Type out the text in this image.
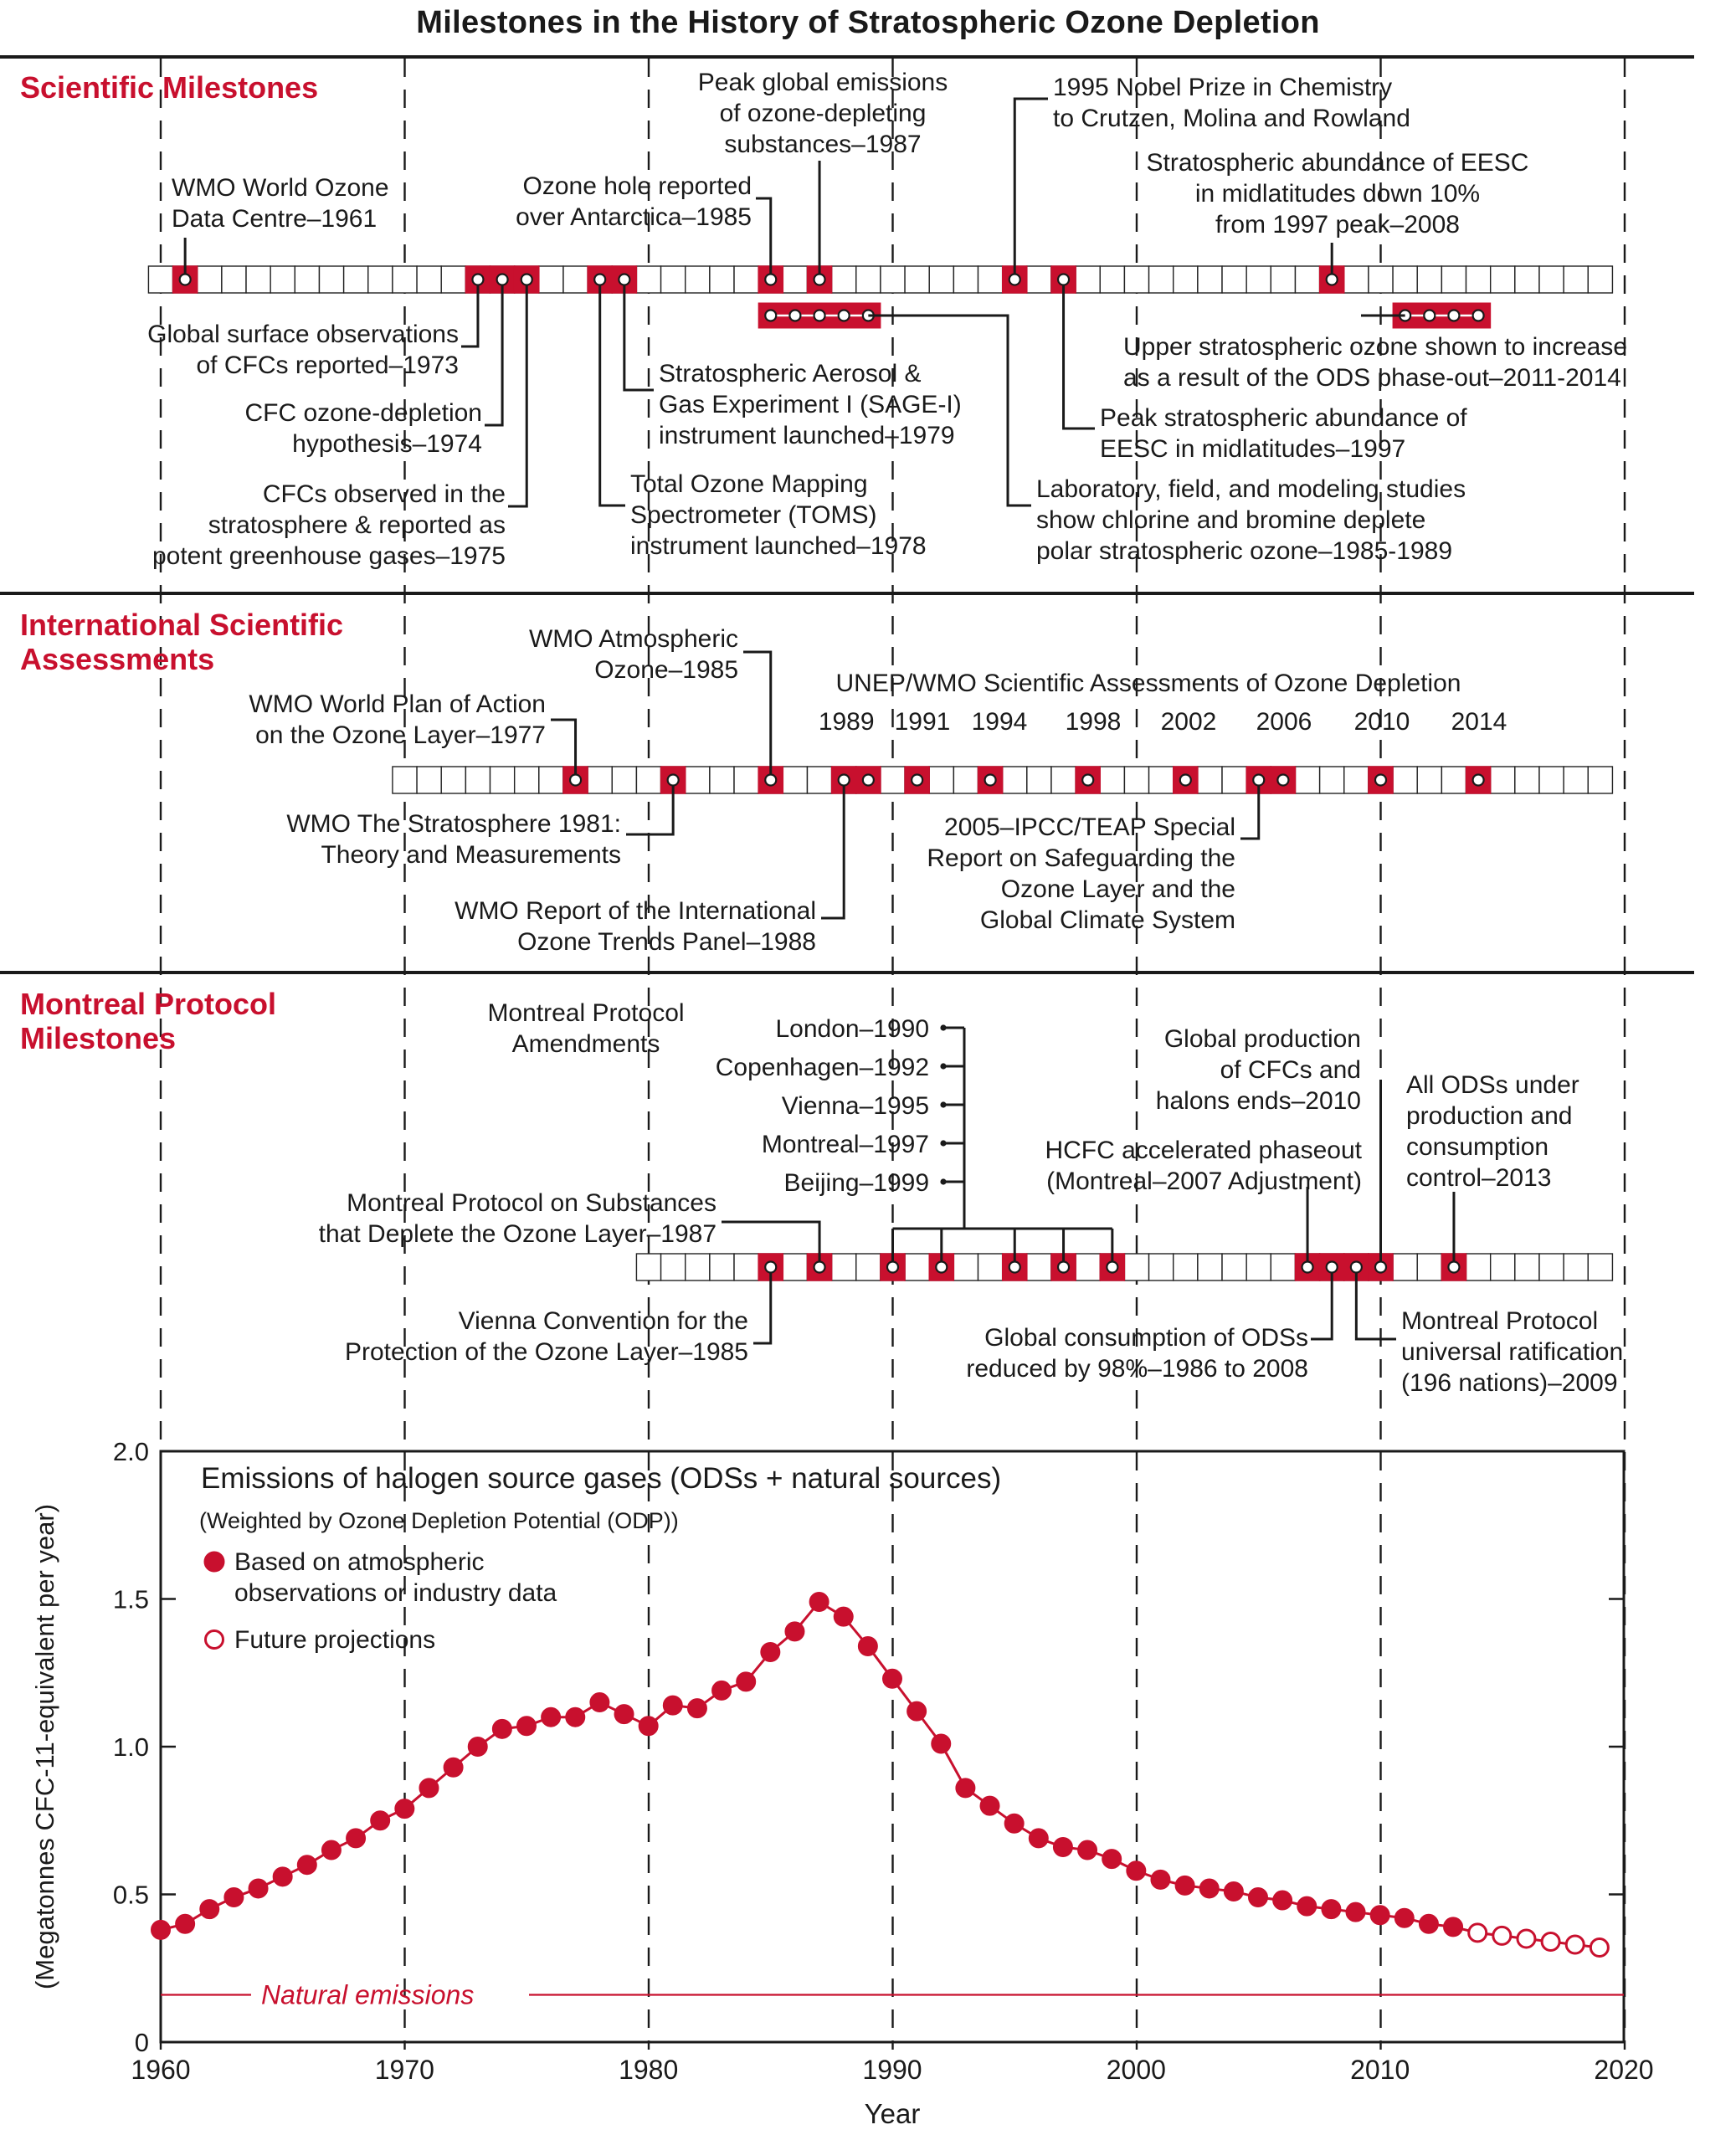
Milestones in the History of Stratospheric Ozone Depletion
UNEP/WMO Scientific Assessments of Ozone Depletion
1989 1991 1994 1998 2002 2006 2010 2014
London–1990
Copenhagen–1992
Vienna–1995
Montreal–1997
Beijing–1999
0
0.5
1.0
1.5
2.0
1960	1970	1980	1990	2000	2010	2020
Year
(Megatonnes CFC-11-equivalent per year)
Natural emissions
Emissions of halogen source gases (ODSs + natural sources)
(Weighted by Ozone Depletion Potential (ODP))
Scientific Milestones
WMO World Ozone
Data Centre–1961
Global surface observations
of CFCs reported–1973
CFC ozone-depletion
hypothesis–1974
CFCs observed in the
stratosphere & reported as
potent greenhouse gases–1975
Total Ozone Mapping
Spectrometer (TOMS)
instrument launched–1978
Stratospheric Aerosol &
Gas Experiment I (SAGE-I)
instrument launched–1979
Ozone hole reported
over Antarctica–1985
Peak global emissions
of ozone-depleting
substances–1987
Laboratory, field, and modeling studies
show chlorine and bromine deplete
polar stratospheric ozone–1985-1989
1995 Nobel Prize in Chemistry
to Crutzen, Molina and Rowland
Peak stratospheric abundance of
EESC in midlatitudes–1997
Stratospheric abundance of EESC
in midlatitudes down 10%
from 1997 peak–2008
Upper stratospheric ozone shown to increase
as a result of the ODS phase-out–2011-2014
International Scientific
Assessments
WMO World Plan of Action
on the Ozone Layer–1977
WMO The Stratosphere 1981:
Theory and Measurements
WMO Atmospheric
Ozone–1985
WMO Report of the International
Ozone Trends Panel–1988
2005–IPCC/TEAP Special
Report on Safeguarding the
Ozone Layer and the
Global Climate System
Montreal Protocol
Milestones
Montreal Protocol
Amendments
Vienna Convention for the
Protection of the Ozone Layer–1985
Montreal Protocol on Substances
that Deplete the Ozone Layer–1987
HCFC accelerated phaseout
(Montreal–2007 Adjustment)
Global consumption of ODSs
reduced by 98%–1986 to 2008
Montreal Protocol
universal ratification
(196 nations)–2009
Global production
of CFCs and
halons ends–2010
All ODSs under
production and
consumption
control–2013
Based on atmospheric observations or industry data
Future projections
